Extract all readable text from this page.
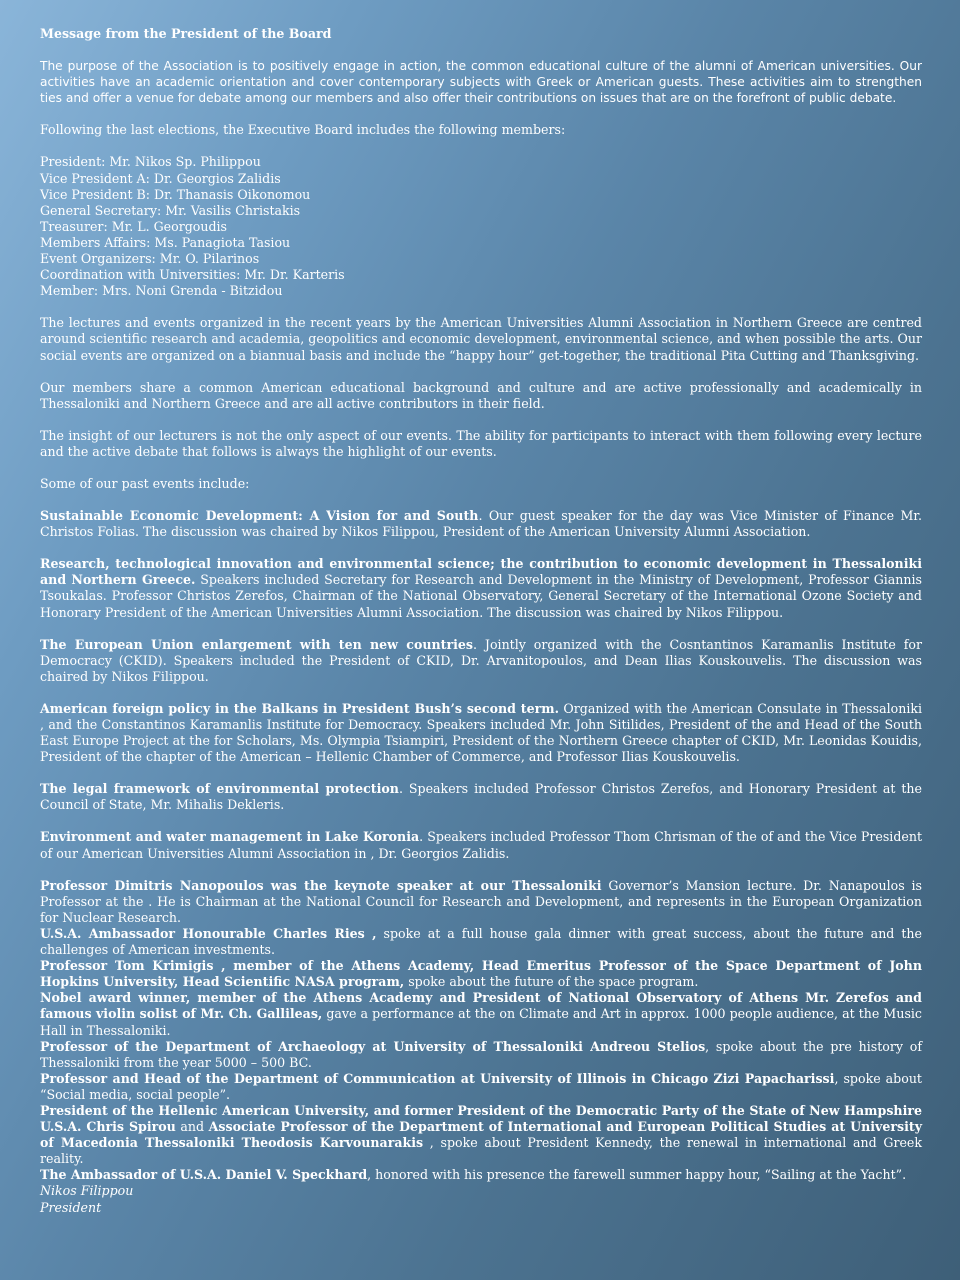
Message from the President of the Board

The purpose of the Association is to positively engage in action, the common educational culture of the alumni of American universities. Our activities have an academic orientation and cover contemporary subjects with Greek or American guests. These activities aim to strengthen ties and offer a venue for debate among our members and also offer their contributions on issues that are on the forefront of public debate.

Following the last elections, the Executive Board includes the following members:

President: Mr. Nikos Sp. Philippou
Vice President A: Dr. Georgios Zalidis
Vice President B: Dr. Thanasis Oikonomou
General Secretary: Mr. Vasilis Christakis
Treasurer: Mr. L. Georgoudis
Members Affairs: Ms. Panagiota Tasiou
Event Organizers: Mr. O. Pilarinos
Coordination with Universities: Mr. Dr. Karteris
Member: Mrs. Noni Grenda - Bitzidou

The lectures and events organized in the recent years by the American Universities Alumni Association in Northern Greece are centred around scientific research and academia, geopolitics and economic development, environmental science, and when possible the arts. Our social events are organized on a biannual basis and include the “happy hour” get-together, the traditional Pita Cutting and Thanksgiving.

Our members share a common American educational background and culture and are active professionally and academically in Thessaloniki and Northern Greece and are all active contributors in their field.

The insight of our lecturers is not the only aspect of our events. The ability for participants to interact with them following every lecture and the active debate that follows is always the highlight of our events.

Some of our past events include:

Sustainable Economic Development: A Vision for and South. Our guest speaker for the day was Vice Minister of Finance Mr. Christos Folias. The discussion was chaired by Nikos Filippou, President of the American University Alumni Association.

Research, technological innovation and environmental science; the contribution to economic development in Thessaloniki and Northern Greece. Speakers included Secretary for Research and Development in the Ministry of Development, Professor Giannis Tsoukalas. Professor Christos Zerefos, Chairman of the National Observatory, General Secretary of the International Ozone Society and Honorary President of the American Universities Alumni Association. The discussion was chaired by Nikos Filippou.

The European Union enlargement with ten new countries. Jointly organized with the Cosntantinos Karamanlis Institute for Democracy (CKID). Speakers included the President of CKID, Dr. Arvanitopoulos, and Dean Ilias Kouskouvelis. The discussion was chaired by Nikos Filippou.

American foreign policy in the Balkans in President Bush’s second term. Organized with the American Consulate in Thessaloniki , and the Constantinos Karamanlis Institute for Democracy. Speakers included Mr. John Sitilides, President of the and Head of the South East Europe Project at the for Scholars, Ms. Olympia Tsiampiri, President of the Northern Greece chapter of CKID, Mr. Leonidas Kouidis, President of the chapter of the American – Hellenic Chamber of Commerce, and Professor Ilias Kouskouvelis.

The legal framework of environmental protection. Speakers included Professor Christos Zerefos, and Honorary President at the Council of State, Mr. Mihalis Dekleris.

Environment and water management in Lake Koronia. Speakers included Professor Thom Chrisman of the of and the Vice President of our American Universities Alumni Association in , Dr. Georgios Zalidis.

Professor Dimitris Nanopoulos was the keynote speaker at our Thessaloniki Governor’s Mansion lecture. Dr. Nanapoulos is Professor at the . He is Chairman at the National Council for Research and Development, and represents in the European Organization for Nuclear Research.

U.S.A. Ambassador Honourable Charles Ries , spoke at a full house gala dinner with great success, about the future and the challenges of American investments.

Professor Tom Krimigis , member of the Athens Academy, Head Emeritus Professor of the Space Department of John Hopkins University, Head Scientific NASA program, spoke about the future of the space program.

Nobel award winner, member of the Athens Academy and President of National Observatory of Athens Mr. Zerefos and famous violin solist of Mr. Ch. Gallileas, gave a performance at the on Climate and Art in approx. 1000 people audience, at the Music Hall in Thessaloniki.

Professor of the Department of Archaeology at University of Thessaloniki Andreou Stelios, spoke about the pre history of Thessaloniki from the year 5000 – 500 BC.

Professor and Head of the Department of Communication at University of Illinois in Chicago Zizi Papacharissi, spoke about “Social media, social people”.

President of the Hellenic American University, and former President of the Democratic Party of the State of New Hampshire U.S.A. Chris Spirou and Associate Professor of the Department of International and European Political Studies at University of Macedonia Thessaloniki Theodosis Karvounarakis , spoke about President Kennedy, the renewal in international and Greek reality.

The Ambassador of U.S.A. Daniel V. Speckhard, honored with his presence the farewell summer happy hour, “Sailing at the Yacht”.

Nikos Filippou

President
